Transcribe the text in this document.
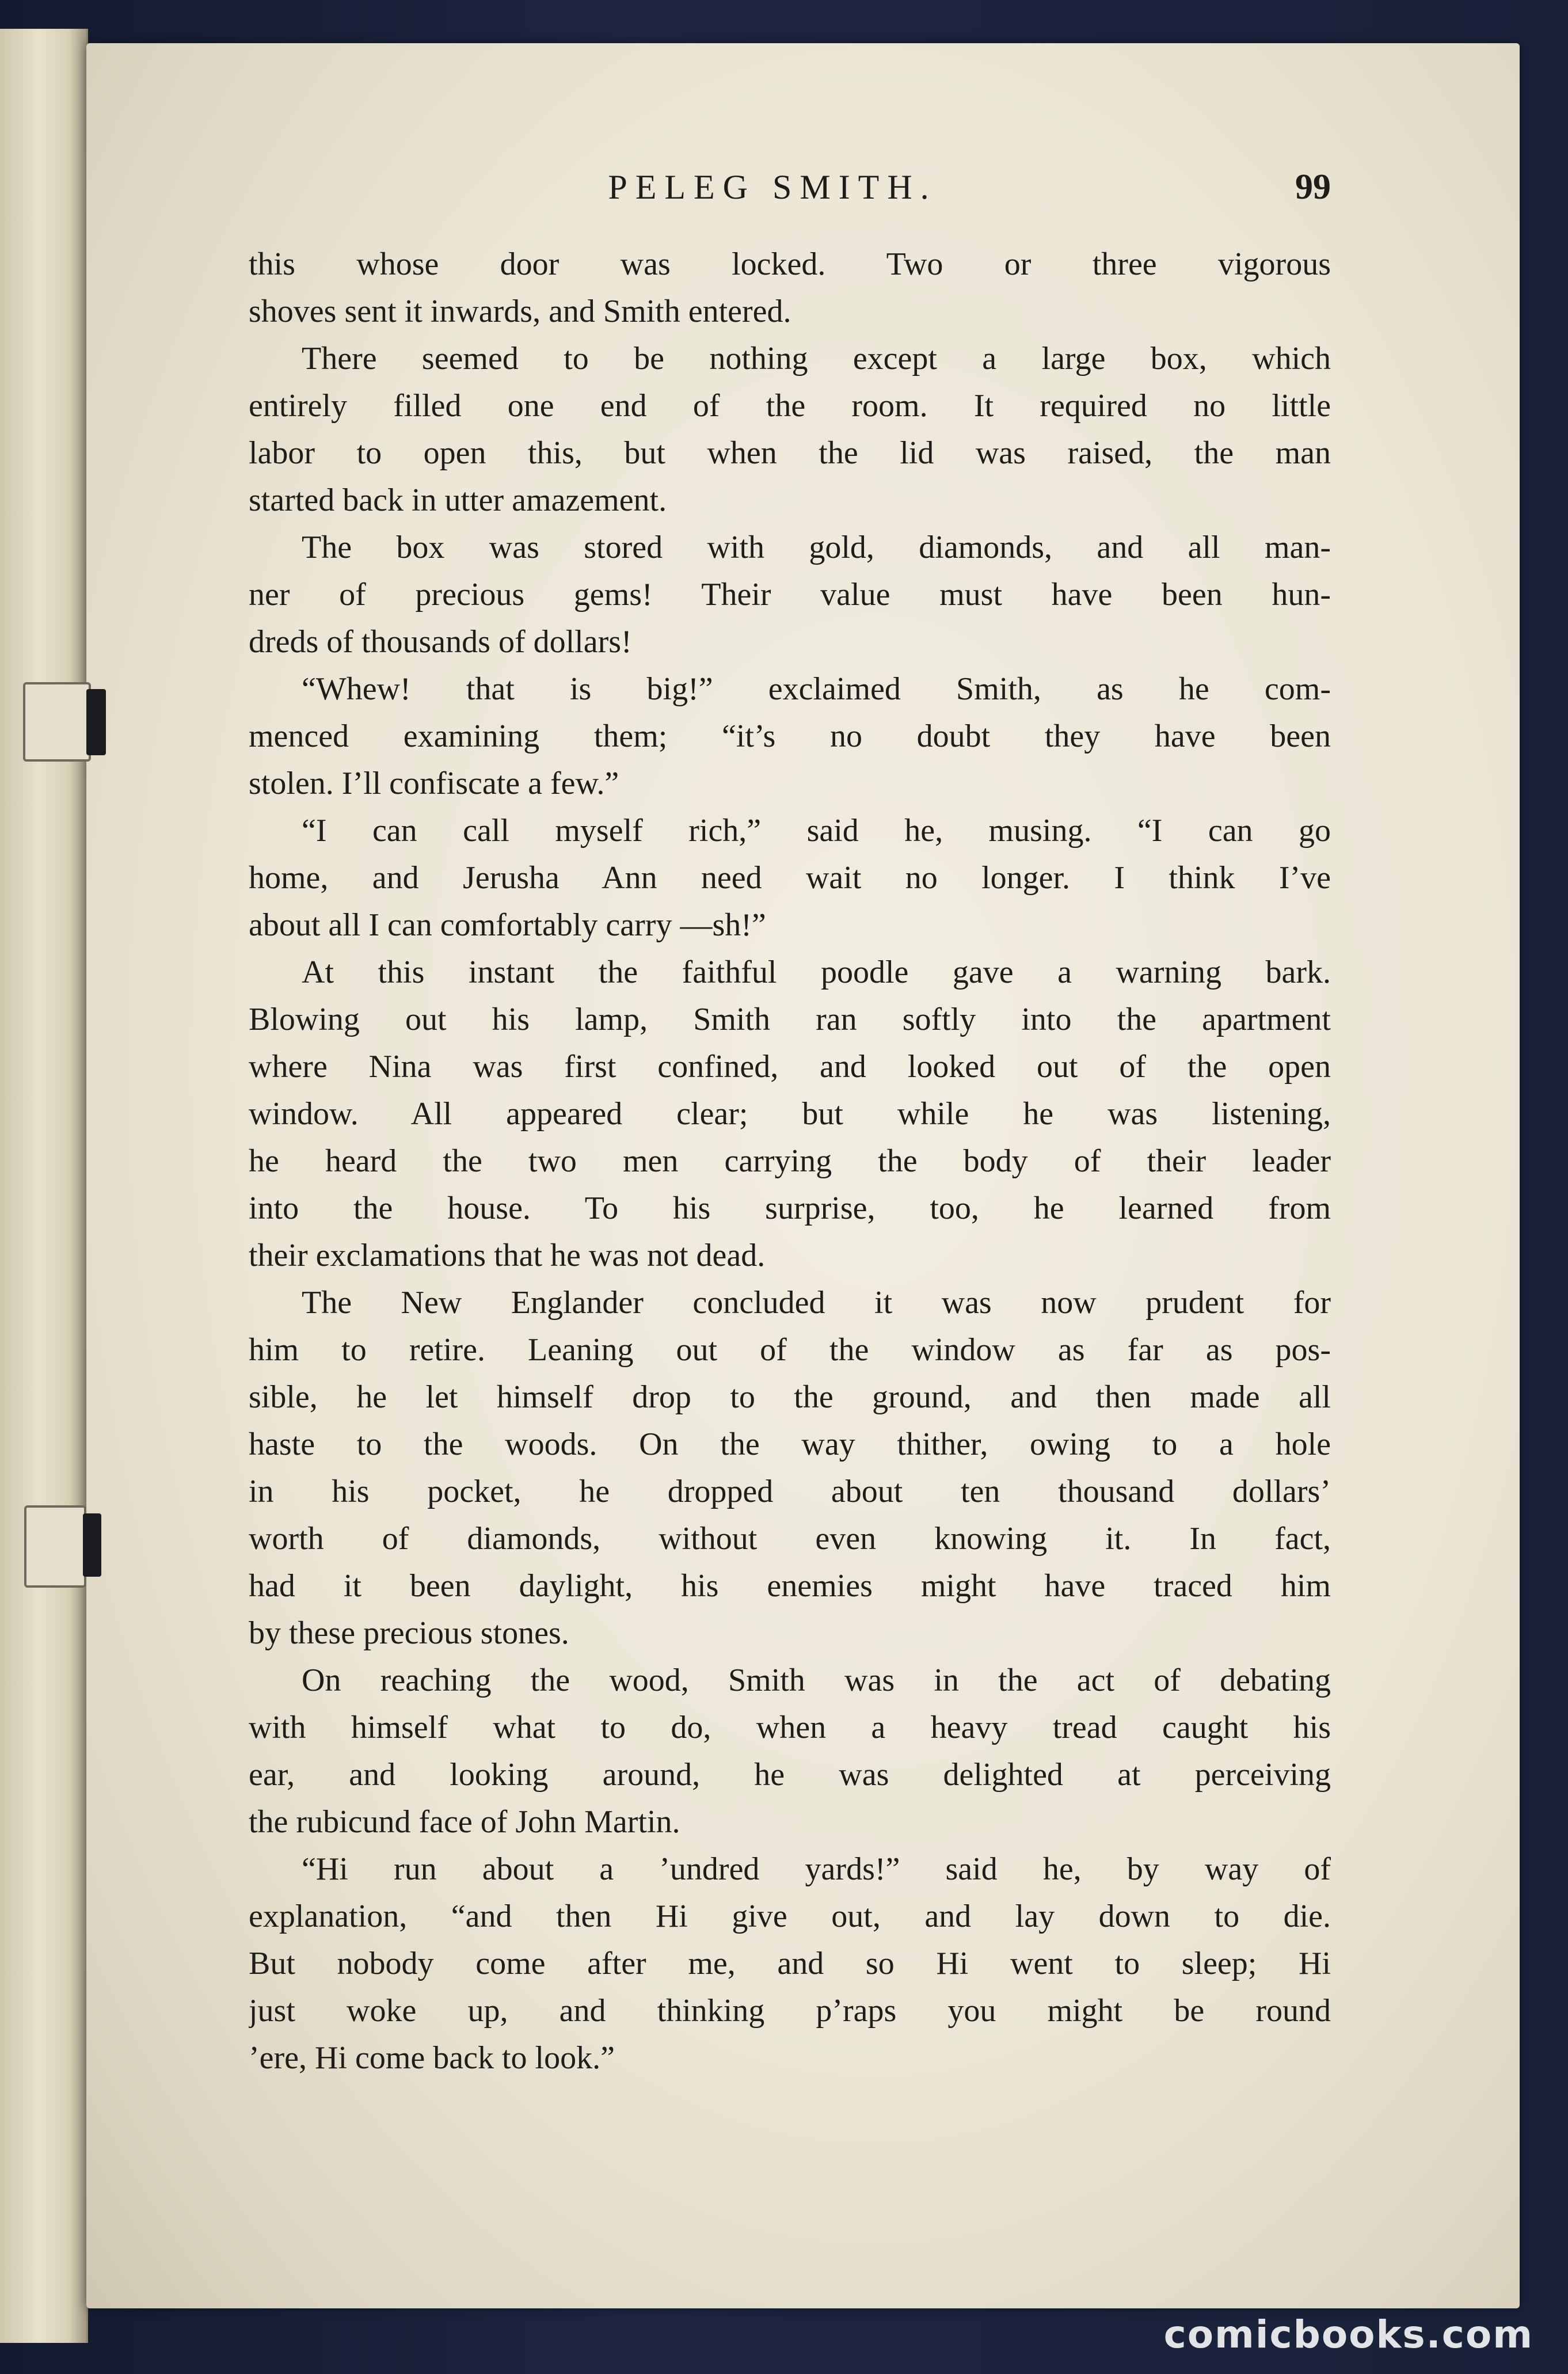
PELEG SMITH.	99
this whose door was locked. Two or three vigorous
shoves sent it inwards, and Smith entered.
There seemed to be nothing except a large box, which
entirely filled one end of the room. It required no little
labor to open this, but when the lid was raised, the man
started back in utter amazement.
The box was stored with gold, diamonds, and all man-
ner of precious gems! Their value must have been hun-
dreds of thousands of dollars!
“Whew! that is big!” exclaimed Smith, as he com-
menced examining them; “it’s no doubt they have been
stolen. I’ll confiscate a few.”
“I can call myself rich,” said he, musing. “I can go
home, and Jerusha Ann need wait no longer. I think I’ve
about all I can comfortably carry —sh!”
At this instant the faithful poodle gave a warning bark.
Blowing out his lamp, Smith ran softly into the apartment
where Nina was first confined, and looked out of the open
window. All appeared clear; but while he was listening,
he heard the two men carrying the body of their leader
into the house. To his surprise, too, he learned from
their exclamations that he was not dead.
The New Englander concluded it was now prudent for
him to retire. Leaning out of the window as far as pos-
sible, he let himself drop to the ground, and then made all
haste to the woods. On the way thither, owing to a hole
in his pocket, he dropped about ten thousand dollars’
worth of diamonds, without even knowing it. In fact,
had it been daylight, his enemies might have traced him
by these precious stones.
On reaching the wood, Smith was in the act of debating
with himself what to do, when a heavy tread caught his
ear, and looking around, he was delighted at perceiving
the rubicund face of John Martin.
“Hi run about a ’undred yards!” said he, by way of
explanation, “and then Hi give out, and lay down to die.
But nobody come after me, and so Hi went to sleep; Hi
just woke up, and thinking p’raps you might be round
’ere, Hi come back to look.”
comicbooks.com
